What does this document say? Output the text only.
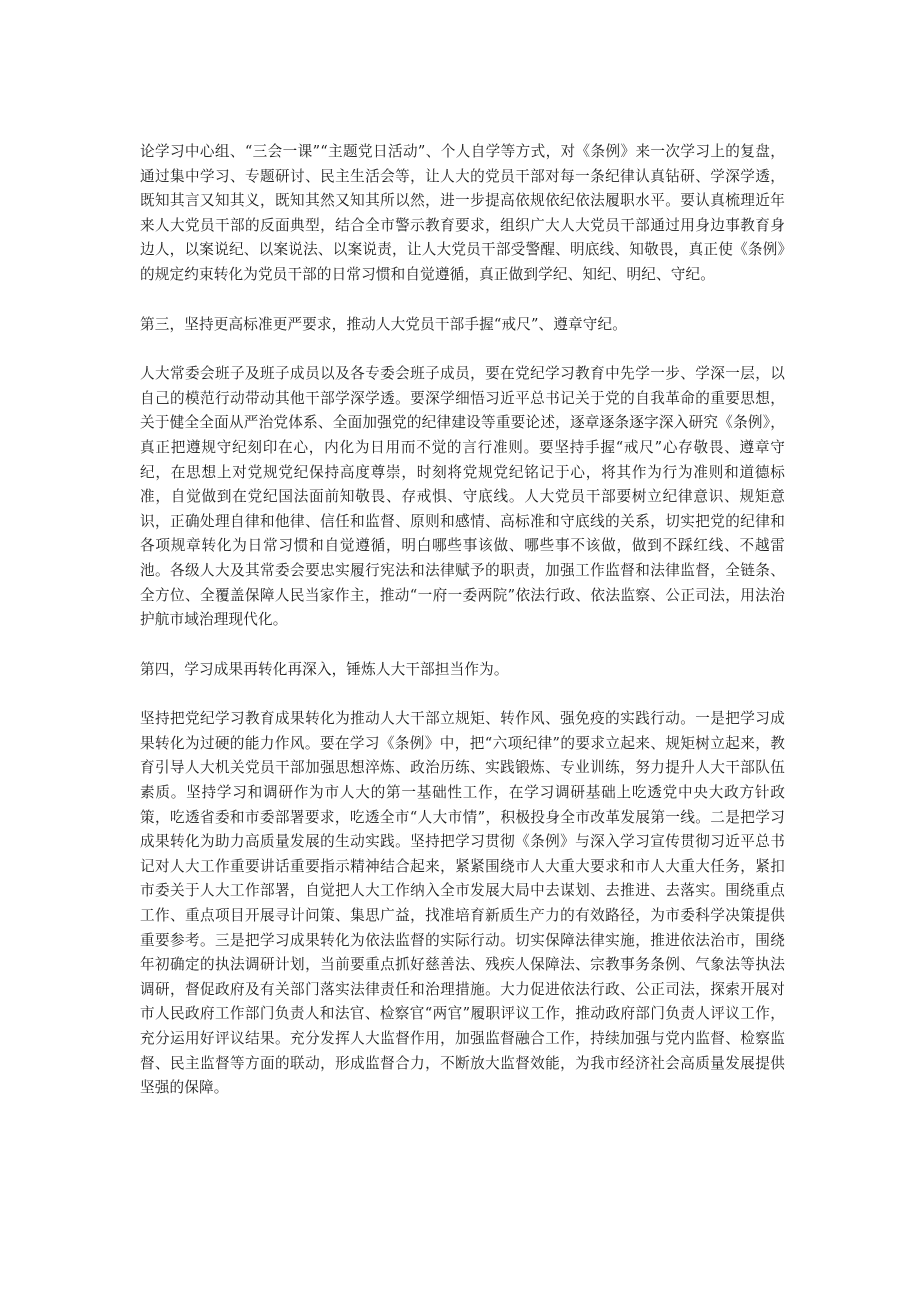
论学习中心组、“三会一课”“主题党日活动”、个人自学等方式，对《条例》来一次学习上的复盘，通过集中学习、专题研讨、民主生活会等，让人大的党员干部对每一条纪律认真钻研、学深学透，既知其言又知其义，既知其然又知其所以然，进一步提高依规依纪依法履职水平。要认真梳理近年来人大党员干部的反面典型，结合全市警示教育要求，组织广大人大党员干部通过用身边事教育身边人，以案说纪、以案说法、以案说责，让人大党员干部受警醒、明底线、知敬畏，真正使《条例》的规定约束转化为党员干部的日常习惯和自觉遵循，真正做到学纪、知纪、明纪、守纪。

第三，坚持更高标准更严要求，推动人大党员干部手握“戒尺”、遵章守纪。

人大常委会班子及班子成员以及各专委会班子成员，要在党纪学习教育中先学一步、学深一层，以自己的模范行动带动其他干部学深学透。要深学细悟习近平总书记关于党的自我革命的重要思想，关于健全全面从严治党体系、全面加强党的纪律建设等重要论述，逐章逐条逐字深入研究《条例》，真正把遵规守纪刻印在心，内化为日用而不觉的言行准则。要坚持手握“戒尺”心存敬畏、遵章守纪，在思想上对党规党纪保持高度尊崇，时刻将党规党纪铭记于心，将其作为行为准则和道德标准，自觉做到在党纪国法面前知敬畏、存戒惧、守底线。人大党员干部要树立纪律意识、规矩意识，正确处理自律和他律、信任和监督、原则和感情、高标准和守底线的关系，切实把党的纪律和各项规章转化为日常习惯和自觉遵循，明白哪些事该做、哪些事不该做，做到不踩红线、不越雷池。各级人大及其常委会要忠实履行宪法和法律赋予的职责，加强工作监督和法律监督，全链条、全方位、全覆盖保障人民当家作主，推动“一府一委两院”依法行政、依法监察、公正司法，用法治护航市域治理现代化。

第四，学习成果再转化再深入，锤炼人大干部担当作为。

坚持把党纪学习教育成果转化为推动人大干部立规矩、转作风、强免疫的实践行动。一是把学习成果转化为过硬的能力作风。要在学习《条例》中，把“六项纪律”的要求立起来、规矩树立起来，教育引导人大机关党员干部加强思想淬炼、政治历练、实践锻炼、专业训练，努力提升人大干部队伍素质。坚持学习和调研作为市人大的第一基础性工作，在学习调研基础上吃透党中央大政方针政策，吃透省委和市委部署要求，吃透全市“人大市情”，积极投身全市改革发展第一线。二是把学习成果转化为助力高质量发展的生动实践。坚持把学习贯彻《条例》与深入学习宣传贯彻习近平总书记对人大工作重要讲话重要指示精神结合起来，紧紧围绕市人大重大要求和市人大重大任务，紧扣市委关于人大工作部署，自觉把人大工作纳入全市发展大局中去谋划、去推进、去落实。围绕重点工作、重点项目开展寻计问策、集思广益，找准培育新质生产力的有效路径，为市委科学决策提供重要参考。三是把学习成果转化为依法监督的实际行动。切实保障法律实施，推进依法治市，围绕年初确定的执法调研计划，当前要重点抓好慈善法、残疾人保障法、宗教事务条例、气象法等执法调研，督促政府及有关部门落实法律责任和治理措施。大力促进依法行政、公正司法，探索开展对市人民政府工作部门负责人和法官、检察官“两官”履职评议工作，推动政府部门负责人评议工作，充分运用好评议结果。充分发挥人大监督作用，加强监督融合工作，持续加强与党内监督、检察监督、民主监督等方面的联动，形成监督合力，不断放大监督效能，为我市经济社会高质量发展提供坚强的保障。
